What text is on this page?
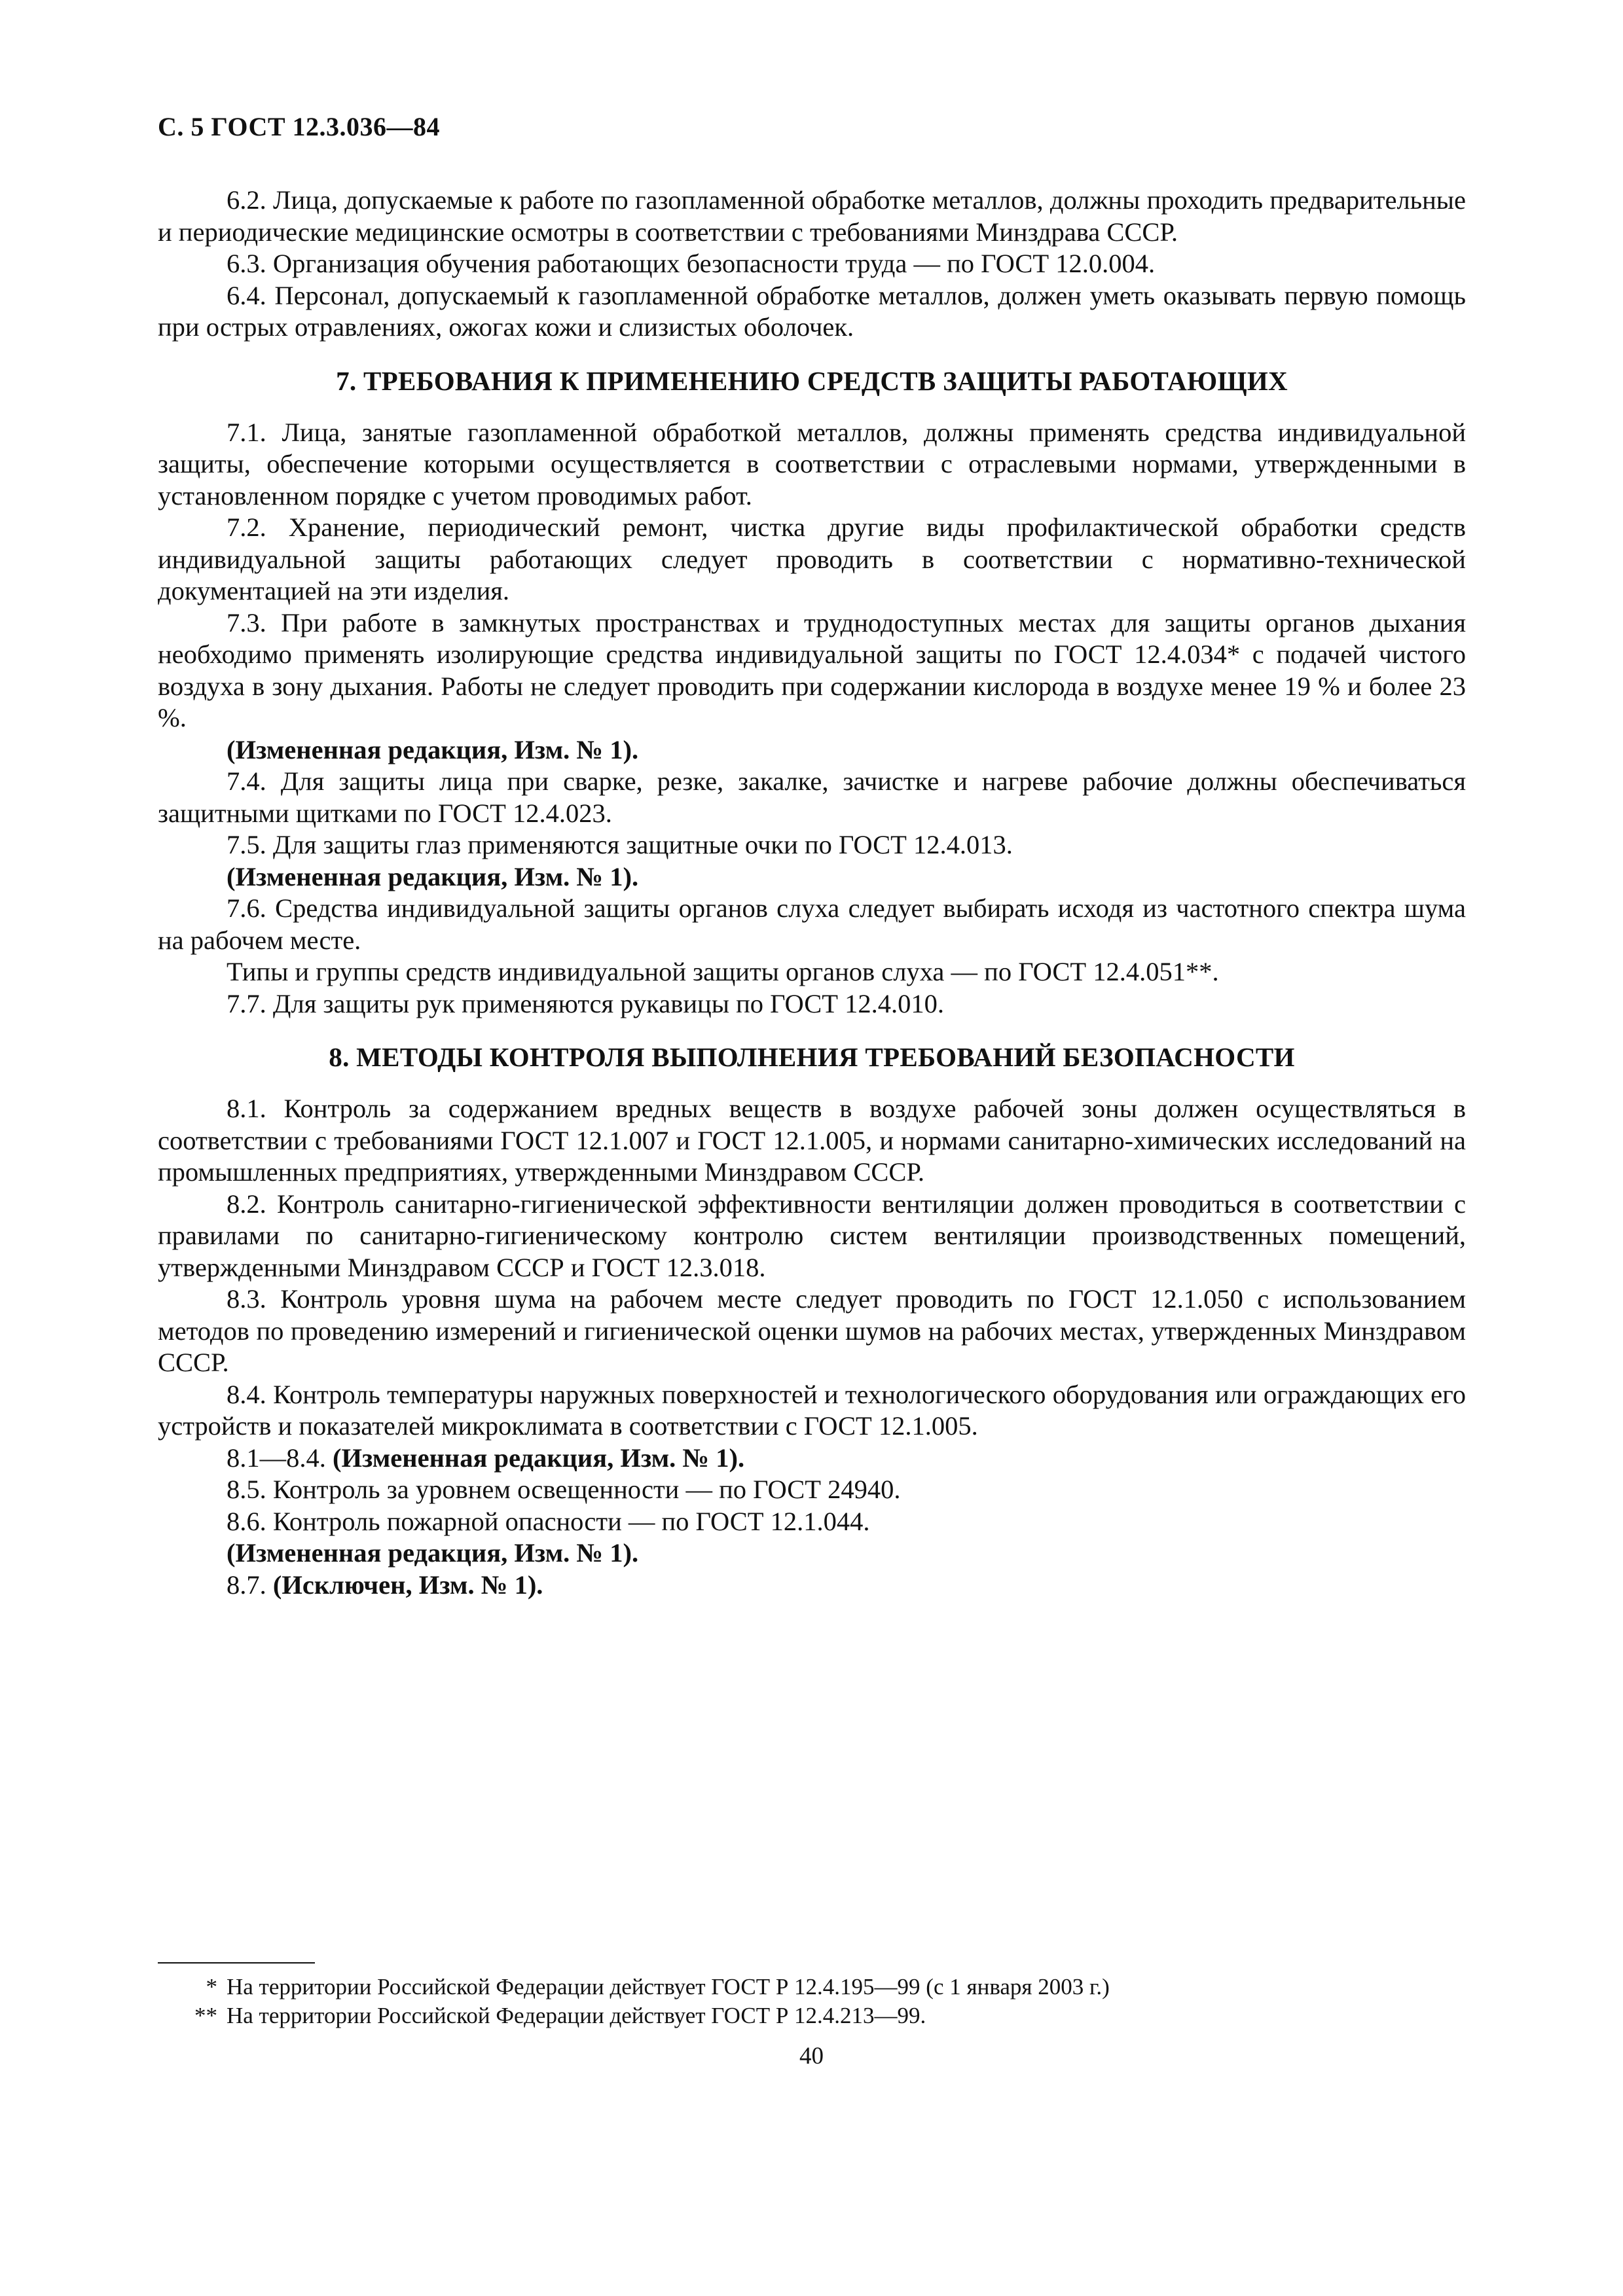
С. 5 ГОСТ 12.3.036—84

6.2. Лица, допускаемые к работе по газопламенной обработке металлов, должны проходить предварительные и периодические медицинские осмотры в соответствии с требованиями Минздрава СССР.

6.3. Организация обучения работающих безопасности труда — по ГОСТ 12.0.004.

6.4. Персонал, допускаемый к газопламенной обработке металлов, должен уметь оказывать первую помощь при острых отравлениях, ожогах кожи и слизистых оболочек.

7. ТРЕБОВАНИЯ К ПРИМЕНЕНИЮ СРЕДСТВ ЗАЩИТЫ РАБОТАЮЩИХ

7.1. Лица, занятые газопламенной обработкой металлов, должны применять средства индивидуальной защиты, обеспечение которыми осуществляется в соответствии с отраслевыми нормами, утвержденными в установленном порядке с учетом проводимых работ.

7.2. Хранение, периодический ремонт, чистка другие виды профилактической обработки средств индивидуальной защиты работающих следует проводить в соответствии с нормативно-технической документацией на эти изделия.

7.3. При работе в замкнутых пространствах и труднодоступных местах для защиты органов дыхания необходимо применять изолирующие средства индивидуальной защиты по ГОСТ 12.4.034* с подачей чистого воздуха в зону дыхания. Работы не следует проводить при содержании кислорода в воздухе менее 19 % и более 23 %.

(Измененная редакция, Изм. № 1).

7.4. Для защиты лица при сварке, резке, закалке, зачистке и нагреве рабочие должны обеспечиваться защитными щитками по ГОСТ 12.4.023.

7.5. Для защиты глаз применяются защитные очки по ГОСТ 12.4.013.

(Измененная редакция, Изм. № 1).

7.6. Средства индивидуальной защиты органов слуха следует выбирать исходя из частотного спектра шума на рабочем месте.

Типы и группы средств индивидуальной защиты органов слуха — по ГОСТ 12.4.051**.

7.7. Для защиты рук применяются рукавицы по ГОСТ 12.4.010.

8. МЕТОДЫ КОНТРОЛЯ ВЫПОЛНЕНИЯ ТРЕБОВАНИЙ БЕЗОПАСНОСТИ

8.1. Контроль за содержанием вредных веществ в воздухе рабочей зоны должен осуществляться в соответствии с требованиями ГОСТ 12.1.007 и ГОСТ 12.1.005, и нормами санитарно-химических исследований на промышленных предприятиях, утвержденными Минздравом СССР.

8.2. Контроль санитарно-гигиенической эффективности вентиляции должен проводиться в соответствии с правилами по санитарно-гигиеническому контролю систем вентиляции производственных помещений, утвержденными Минздравом СССР и ГОСТ 12.3.018.

8.3. Контроль уровня шума на рабочем месте следует проводить по ГОСТ 12.1.050 с использованием методов по проведению измерений и гигиенической оценки шумов на рабочих местах, утвержденных Минздравом СССР.

8.4. Контроль температуры наружных поверхностей и технологического оборудования или ограждающих его устройств и показателей микроклимата в соответствии с ГОСТ 12.1.005.

8.1—8.4. (Измененная редакция, Изм. № 1).

8.5. Контроль за уровнем освещенности — по ГОСТ 24940.

8.6. Контроль пожарной опасности — по ГОСТ 12.1.044.

(Измененная редакция, Изм. № 1).

8.7. (Исключен, Изм. № 1).

* На территории Российской Федерации действует ГОСТ Р 12.4.195—99 (с 1 января 2003 г.)

** На территории Российской Федерации действует ГОСТ Р 12.4.213—99.

40
